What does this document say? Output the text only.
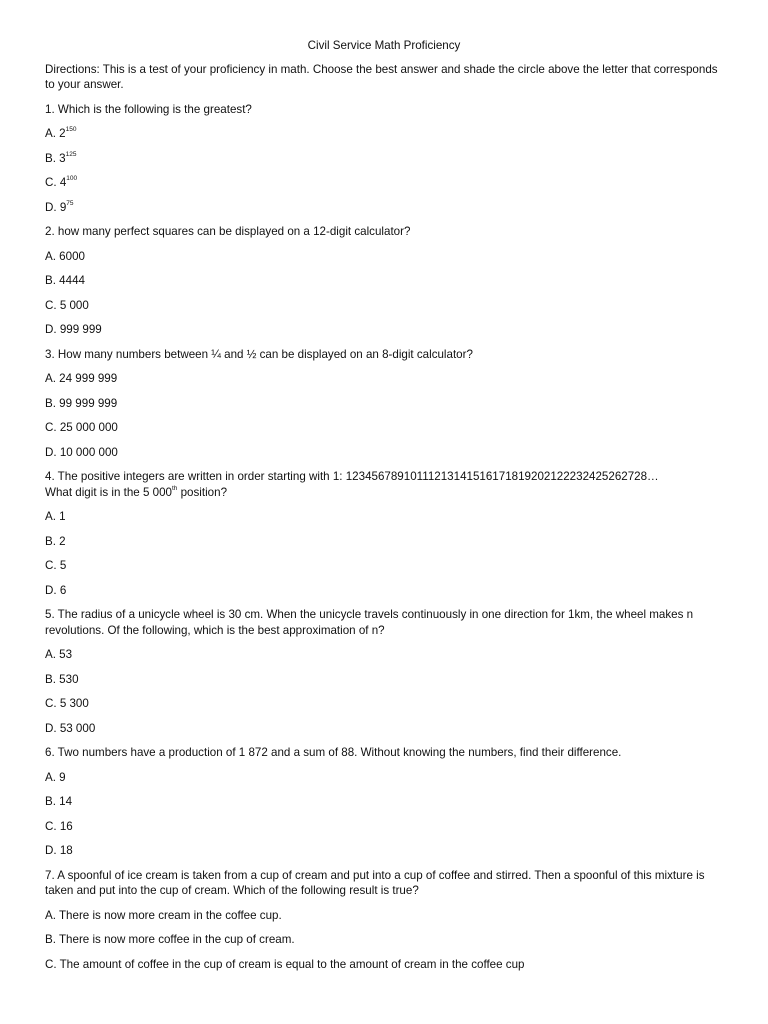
Civil Service Math Proficiency
Directions: This is a test of your proficiency in math. Choose the best answer and shade the circle above the letter that corresponds to your answer.
1. Which is the following is the greatest?
A. $2^{150}$
B. $3^{125}$
C. $4^{100}$
D. $9^{75}$
2. how many perfect squares can be displayed on a 12-digit calculator?
A. 6000
B. 4444
C. 5 000
D. 999 999
3. How many numbers between ¼ and ½ can be displayed on an 8-digit calculator?
A. 24 999 999
B. 99 999 999
C. 25 000 000
D. 10 000 000
4. The positive integers are written in order starting with 1: 12345678910111213141516171819202122232425262728…
What digit is in the 5 000th position?
A. 1
B. 2
C. 5
D. 6
5. The radius of a unicycle wheel is 30 cm. When the unicycle travels continuously in one direction for 1km, the wheel makes n revolutions. Of the following, which is the best approximation of n?
A. 53
B. 530
C. 5 300
D. 53 000
6. Two numbers have a production of 1 872 and a sum of 88. Without knowing the numbers, find their difference.
A. 9
B. 14
C. 16
D. 18
7. A spoonful of ice cream is taken from a cup of cream and put into a cup of coffee and stirred. Then a spoonful of this mixture is taken and put into the cup of cream. Which of the following result is true?
A. There is now more cream in the coffee cup.
B. There is now more coffee in the cup of cream.
C. The amount of coffee in the cup of cream is equal to the amount of cream in the coffee cup
